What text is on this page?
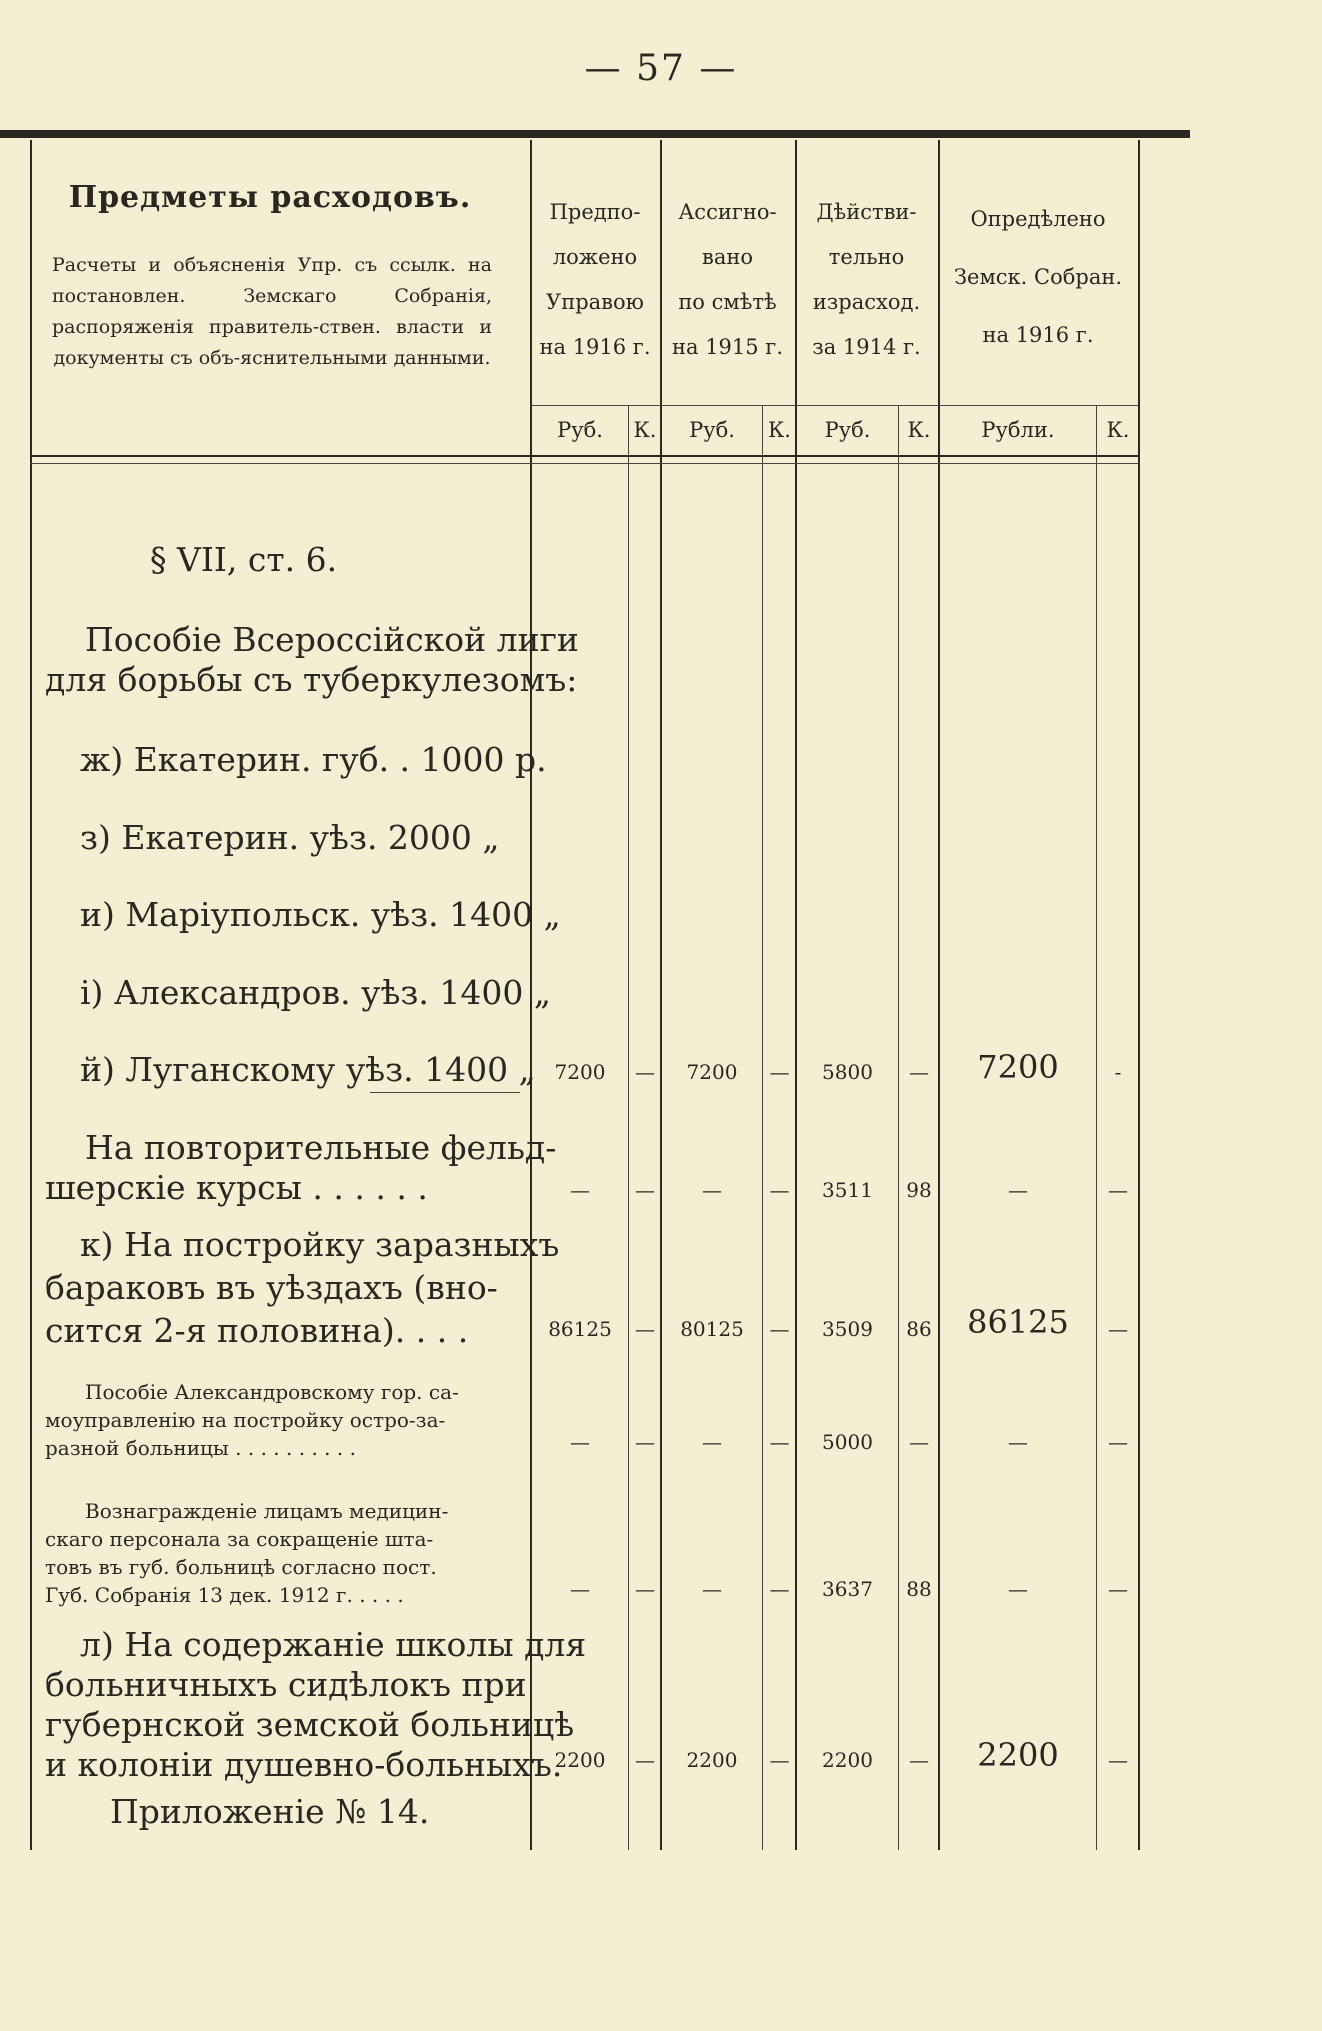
— 57 —
Предметы расходовъ.
Расчеты и объясненія Упр. съ ссылк. на постановлен. Земскаго Собранія, распоряженія правитель-ствен. власти и документы съ объ-яснительными данными.
Предпо-
ложено
Управою
на 1916 г.
Ассигно-
вано
по смѣтѣ
на 1915 г.
Дѣйстви-
тельно
израсход.
за 1914 г.
Опредѣлено
Земск. Собран.
на 1916 г.
Руб.	К.	Руб.	К.	Руб.	К.	Рубли.	К.
§ VII, ст. 6.
Пособіе Всероссійской лиги
для борьбы съ туберкулезомъ:
ж) Екатерин. губ. . 1000 р.
з) Екатерин. уѣз. 2000 „
и) Маріупольск. уѣз. 1400 „
і) Александров. уѣз. 1400 „
й) Луганскому уѣз. 1400 „ 7200	—	7200	—	5800	—	7200	-
На повторительные фельд-
шерскіе курсы . . . . . .	—	—	—	—	3511	98	—	—
к) На постройку заразныхъ
бараковъ въ уѣздахъ (вно-
сится 2-я половина). . . .	86125	—	80125	—	3509	86	86125	—
Пособіе Александровскому гор. са-
моуправленію на постройку остро-за-
разной больницы . . . . . . . . . .	—	—	—	—	5000	—	—	—
Вознагражденіе лицамъ медицин-
скаго персонала за сокращеніе шта-
товъ въ губ. больницѣ согласно пост.
Губ. Собранія 13 дек. 1912 г. . . . .	—	—	—	—	3637	88	—	—
л) На содержаніе школы для
больничныхъ сидѣлокъ при
губернской земской больницѣ
и колоніи душевно-больныхъ.
2200	—	2200	—	2200	—	2200	—
Приложеніе № 14.
